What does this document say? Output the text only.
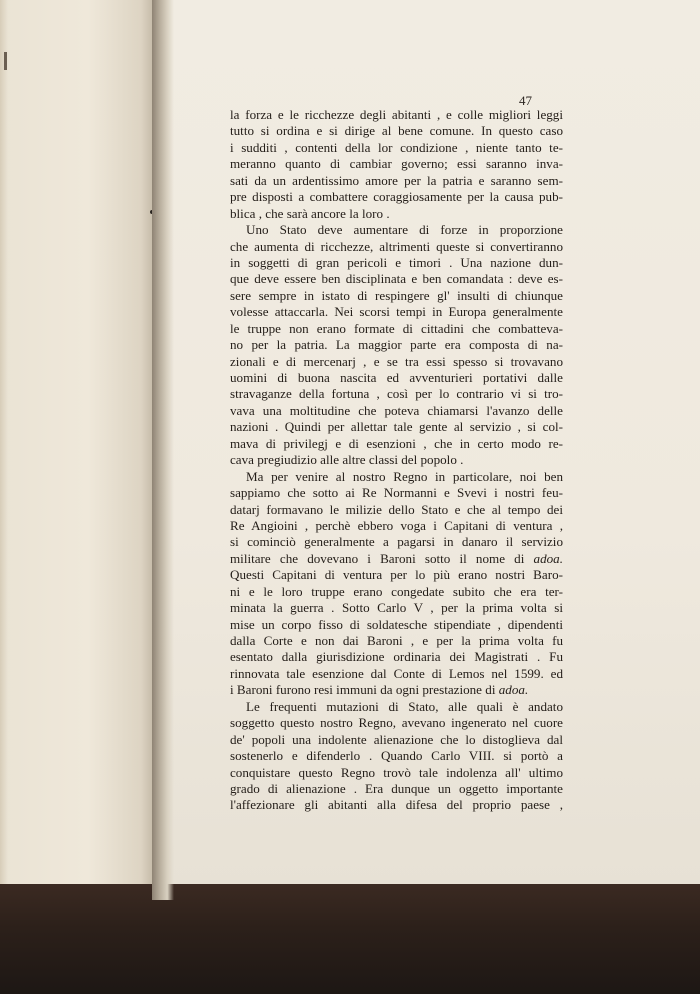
47
la forza e le ricchezze degli abitanti , e colle migliori leggi
tutto si ordina e si dirige al bene comune. In questo caso
i sudditi , contenti della lor condizione , niente tanto te-
meranno quanto di cambiar governo; essi saranno inva-
sati da un ardentissimo amore per la patria e saranno sem-
pre disposti a combattere coraggiosamente per la causa pub-
blica , che sarà ancore la loro .
Uno Stato deve aumentare di forze in proporzione
che aumenta di ricchezze, altrimenti queste si convertiranno
in soggetti di gran pericoli e timori . Una nazione dun-
que deve essere ben disciplinata e ben comandata : deve es-
sere sempre in istato di respingere gl' insulti di chiunque
volesse attaccarla. Nei scorsi tempi in Europa generalmente
le truppe non erano formate di cittadini che combatteva-
no per la patria. La maggior parte era composta di na-
zionali e di mercenarj , e se tra essi spesso si trovavano
uomini di buona nascita ed avventurieri portativi dalle
stravaganze della fortuna , così per lo contrario vi si tro-
vava una moltitudine che poteva chiamarsi l'avanzo delle
nazioni . Quindi per allettar tale gente al servizio , si col-
mava di privilegj e di esenzioni , che in certo modo re-
cava pregiudizio alle altre classi del popolo .
Ma per venire al nostro Regno in particolare, noi ben
sappiamo che sotto ai Re Normanni e Svevi i nostri feu-
datarj formavano le milizie dello Stato e che al tempo dei
Re Angioini , perchè ebbero voga i Capitani di ventura ,
si cominciò generalmente a pagarsi in danaro il servizio
militare che dovevano i Baroni sotto il nome di adoa.
Questi Capitani di ventura per lo più erano nostri Baro-
ni e le loro truppe erano congedate subito che era ter-
minata la guerra . Sotto Carlo V , per la prima volta si
mise un corpo fisso di soldatesche stipendiate , dipendenti
dalla Corte e non dai Baroni , e per la prima volta fu
esentato dalla giurisdizione ordinaria dei Magistrati . Fu
rinnovata tale esenzione dal Conte di Lemos nel 1599. ed
i Baroni furono resi immuni da ogni prestazione di adoa.
Le frequenti mutazioni di Stato, alle quali è andato
soggetto questo nostro Regno, avevano ingenerato nel cuore
de' popoli una indolente alienazione che lo distoglieva dal
sostenerlo e difenderlo . Quando Carlo VIII. si portò a
conquistare questo Regno trovò tale indolenza all' ultimo
grado di alienazione . Era dunque un oggetto importante
l'affezionare gli abitanti alla difesa del proprio paese ,
